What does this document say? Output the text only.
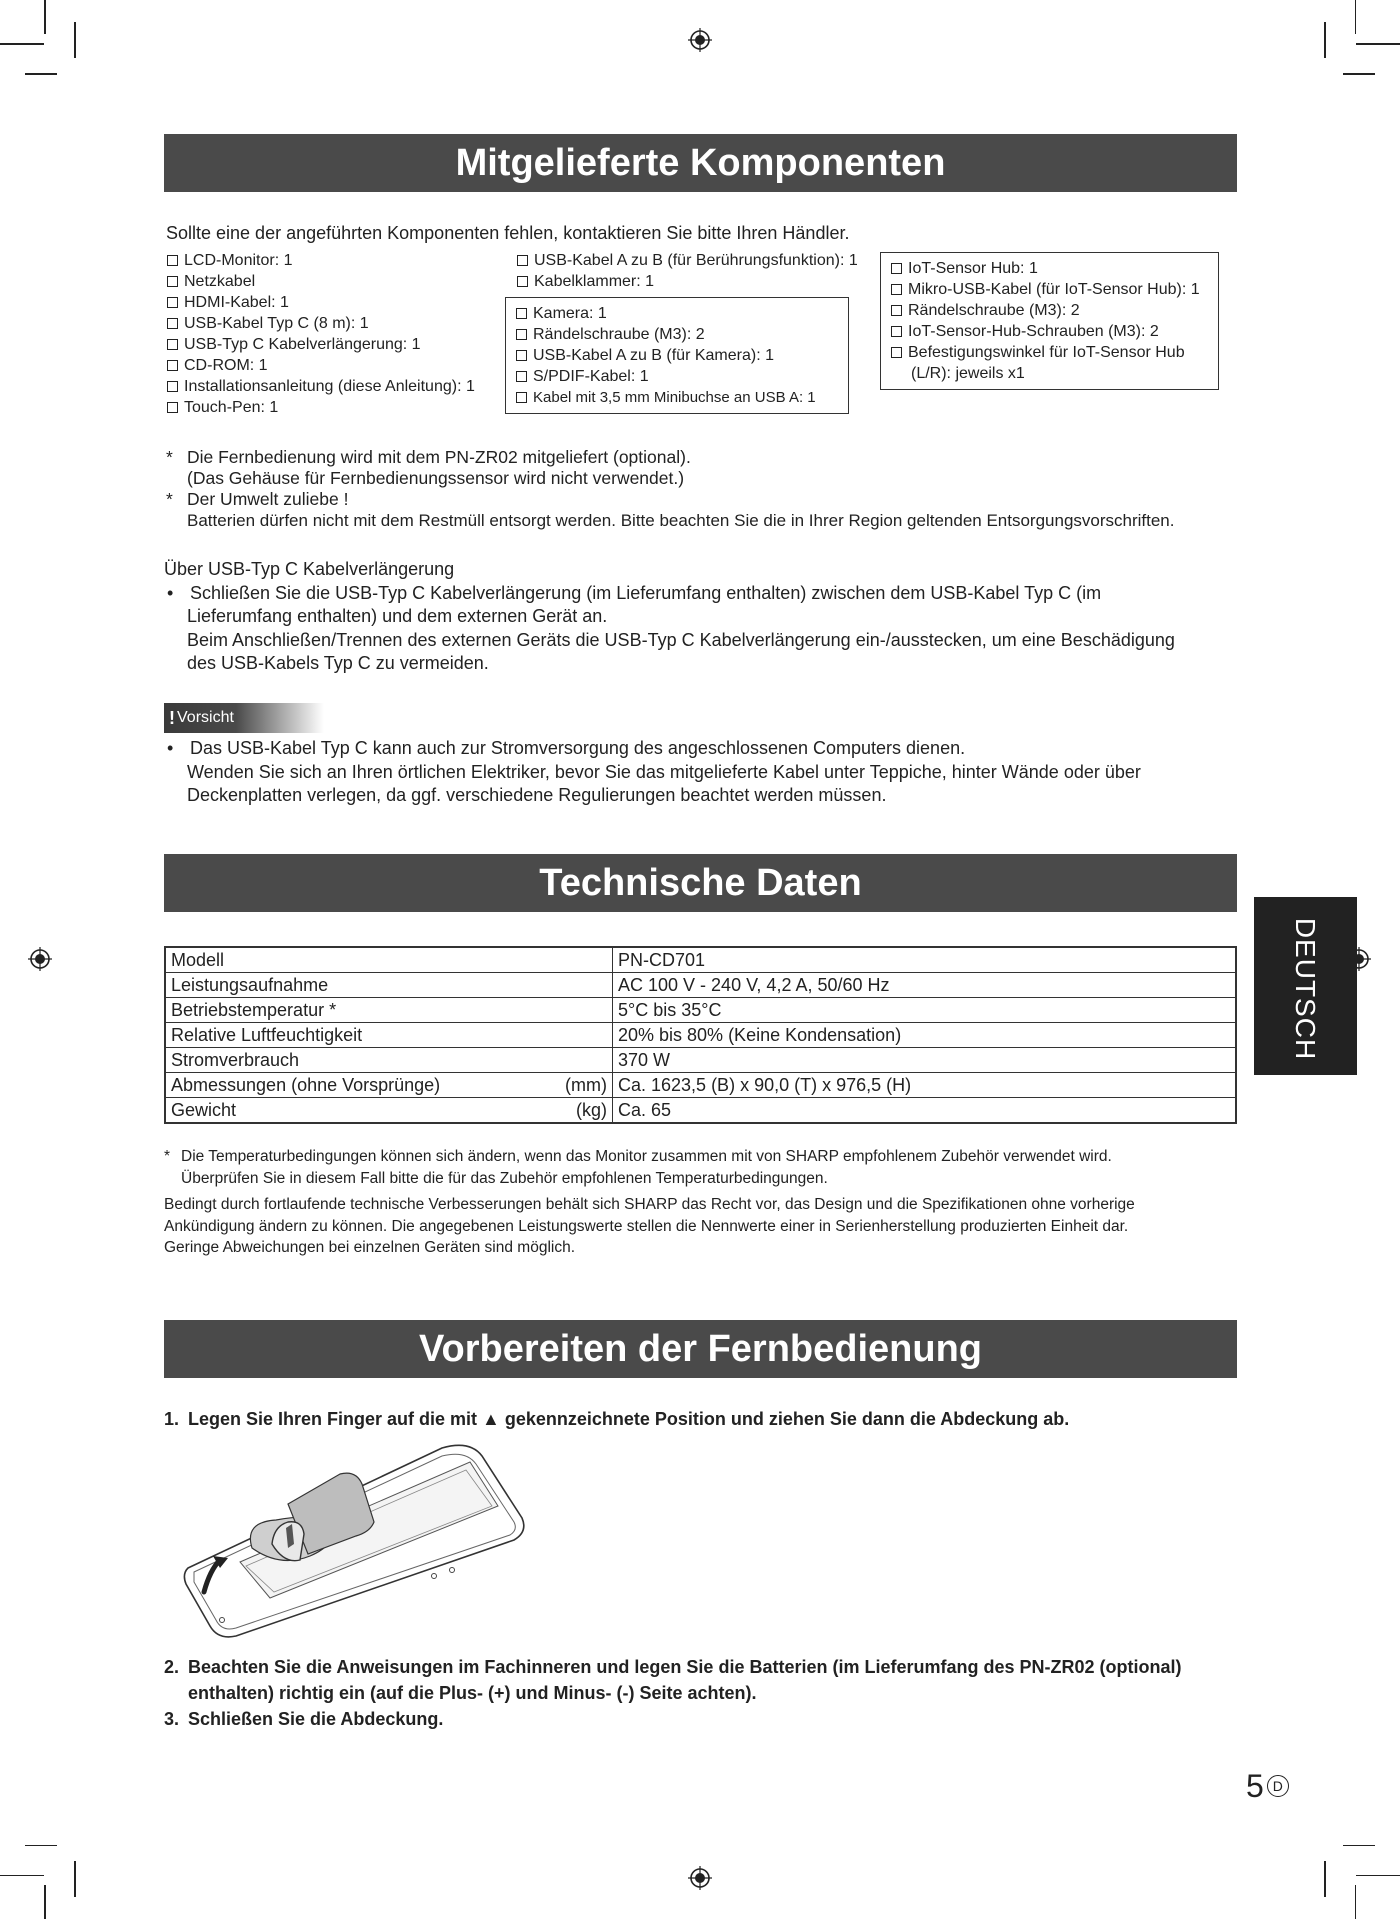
Mitgelieferte Komponenten
Sollte eine der angeführten Komponenten fehlen, kontaktieren Sie bitte Ihren Händler.
LCD-Monitor: 1
Netzkabel
HDMI-Kabel: 1
USB-Kabel Typ C (8 m): 1
USB-Typ C Kabelverlängerung: 1
CD-ROM: 1
Installationsanleitung (diese Anleitung): 1
Touch-Pen: 1
USB-Kabel A zu B (für Berührungsfunktion): 1
Kabelklammer: 1
Kamera: 1
Rändelschraube (M3): 2
USB-Kabel A zu B (für Kamera): 1
S/PDIF-Kabel: 1
Kabel mit 3,5 mm Minibuchse an USB A: 1
IoT-Sensor Hub: 1
Mikro-USB-Kabel (für IoT-Sensor Hub): 1
Rändelschraube (M3): 2
IoT-Sensor-Hub-Schrauben (M3): 2
Befestigungswinkel für IoT-Sensor Hub
(L/R): jeweils x1
* Die Fernbedienung wird mit dem PN-ZR02 mitgeliefert (optional).
(Das Gehäuse für Fernbedienungssensor wird nicht verwendet.)
* Der Umwelt zuliebe !
Batterien dürfen nicht mit dem Restmüll entsorgt werden. Bitte beachten Sie die in Ihrer Region geltenden Entsorgungsvorschriften.
Über USB-Typ C Kabelverlängerung
• Schließen Sie die USB-Typ C Kabelverlängerung (im Lieferumfang enthalten) zwischen dem USB-Kabel Typ C (im
Lieferumfang enthalten) und dem externen Gerät an.
Beim Anschließen/Trennen des externen Geräts die USB-Typ C Kabelverlängerung ein-/ausstecken, um eine Beschädigung
des USB-Kabels Typ C zu vermeiden.
! Vorsicht
• Das USB-Kabel Typ C kann auch zur Stromversorgung des angeschlossenen Computers dienen.
Wenden Sie sich an Ihren örtlichen Elektriker, bevor Sie das mitgelieferte Kabel unter Teppiche, hinter Wände oder über
Deckenplatten verlegen, da ggf. verschiedene Regulierungen beachtet werden müssen.
Technische Daten
Modell	PN-CD701
Leistungsaufnahme	AC 100 V - 240 V, 4,2 A, 50/60 Hz
Betriebstemperatur *	5°C bis 35°C
Relative Luftfeuchtigkeit	20% bis 80% (Keine Kondensation)
Stromverbrauch	370 W
Abmessungen (ohne Vorsprünge) (mm)	Ca. 1623,5 (B) x 90,0 (T) x 976,5 (H)
Gewicht (kg)	Ca. 65
* Die Temperaturbedingungen können sich ändern, wenn das Monitor zusammen mit von SHARP empfohlenem Zubehör verwendet wird.
Überprüfen Sie in diesem Fall bitte die für das Zubehör empfohlenen Temperaturbedingungen.
Bedingt durch fortlaufende technische Verbesserungen behält sich SHARP das Recht vor, das Design und die Spezifikationen ohne vorherige
Ankündigung ändern zu können. Die angegebenen Leistungswerte stellen die Nennwerte einer in Serienherstellung produzierten Einheit dar.
Geringe Abweichungen bei einzelnen Geräten sind möglich.
Vorbereiten der Fernbedienung
1. Legen Sie Ihren Finger auf die mit ▲ gekennzeichnete Position und ziehen Sie dann die Abdeckung ab.
2. Beachten Sie die Anweisungen im Fachinneren und legen Sie die Batterien (im Lieferumfang des PN-ZR02 (optional)
enthalten) richtig ein (auf die Plus- (+) und Minus- (-) Seite achten).
3. Schließen Sie die Abdeckung.
DEUTSCH
5 D
